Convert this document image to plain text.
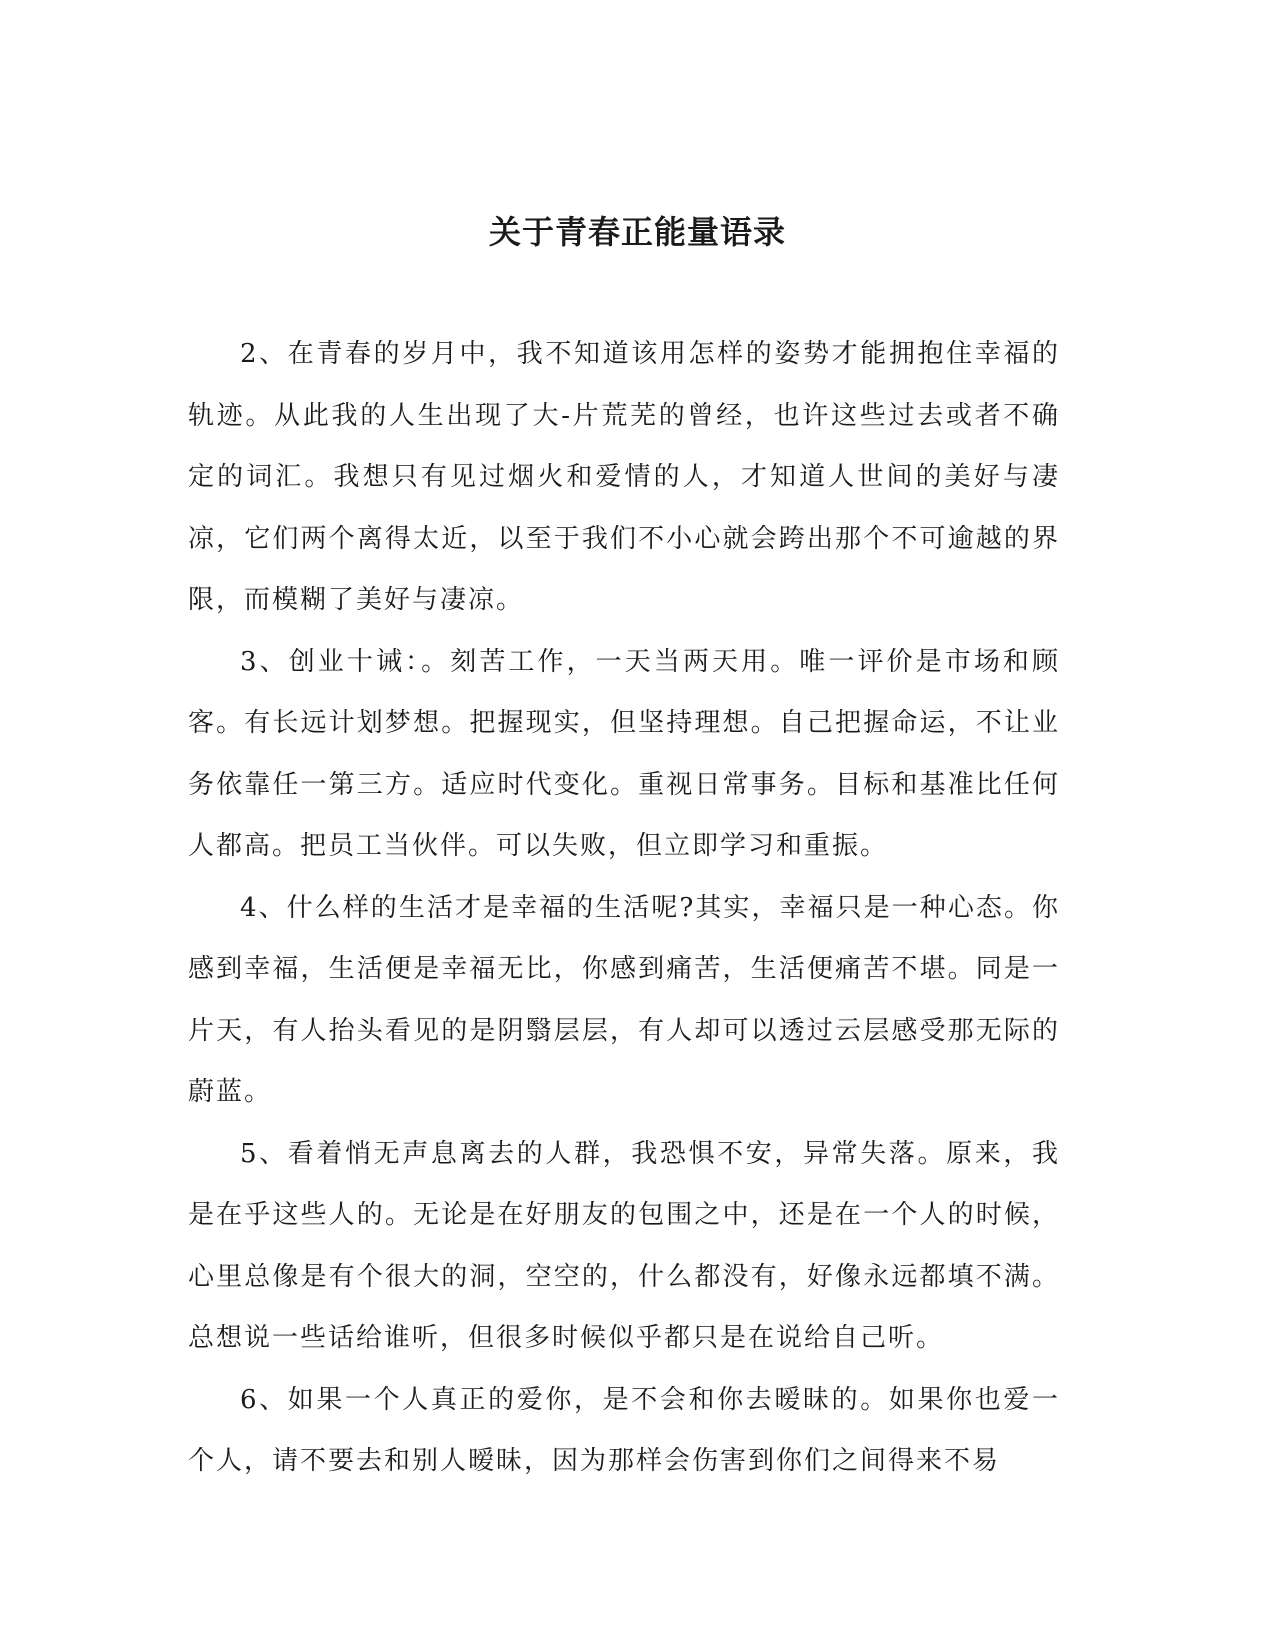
关于青春正能量语录

2、在青春的岁月中，我不知道该用怎样的姿势才能拥抱住幸福的轨迹。从此我的人生出现了大-片荒芜的曾经，也许这些过去或者不确定的词汇。我想只有见过烟火和爱情的人，才知道人世间的美好与凄凉，它们两个离得太近，以至于我们不小心就会跨出那个不可逾越的界限，而模糊了美好与凄凉。

3、创业十诫：。刻苦工作，一天当两天用。唯一评价是市场和顾客。有长远计划梦想。把握现实，但坚持理想。自己把握命运，不让业务依靠任一第三方。适应时代变化。重视日常事务。目标和基准比任何人都高。把员工当伙伴。可以失败，但立即学习和重振。

4、什么样的生活才是幸福的生活呢?其实，幸福只是一种心态。你感到幸福，生活便是幸福无比，你感到痛苦，生活便痛苦不堪。同是一片天，有人抬头看见的是阴翳层层，有人却可以透过云层感受那无际的蔚蓝。

5、看着悄无声息离去的人群，我恐惧不安，异常失落。原来，我是在乎这些人的。无论是在好朋友的包围之中，还是在一个人的时候，心里总像是有个很大的洞，空空的，什么都没有，好像永远都填不满。总想说一些话给谁听，但很多时候似乎都只是在说给自己听。

6、如果一个人真正的爱你，是不会和你去暧昧的。如果你也爱一个人，请不要去和别人暧昧，因为那样会伤害到你们之间得来不易
